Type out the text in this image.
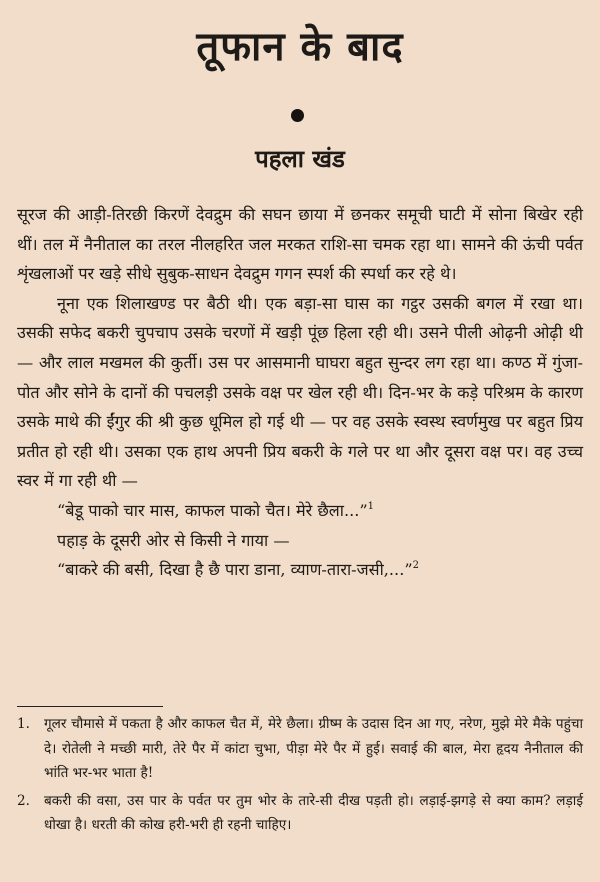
तूफान के बाद
पहला खंड

सूरज की आड़ी-तिरछी किरणें देवद्रुम की सघन छाया में छनकर समूची घाटी में सोना बिखेर रही थीं। तल में नैनीताल का तरल नीलहरित जल मरकत राशि-सा चमक रहा था। सामने की ऊंची पर्वत शृंखलाओं पर खड़े सीधे सुबुक-साधन देवद्रुम गगन स्पर्श की स्पर्धा कर रहे थे।

नूना एक शिलाखण्ड पर बैठी थी। एक बड़ा-सा घास का गट्ठर उसकी बगल में रखा था। उसकी सफेद बकरी चुपचाप उसके चरणों में खड़ी पूंछ हिला रही थी। उसने पीली ओढ़नी ओढ़ी थी — और लाल मखमल की कुर्ती। उस पर आसमानी घाघरा बहुत सुन्दर लग रहा था। कण्ठ में गुंजा-पोत और सोने के दानों की पचलड़ी उसके वक्ष पर खेल रही थी। दिन-भर के कड़े परिश्रम के कारण उसके माथे की ईंगुर की श्री कुछ धूमिल हो गई थी — पर वह उसके स्वस्थ स्वर्णमुख पर बहुत प्रिय प्रतीत हो रही थी। उसका एक हाथ अपनी प्रिय बकरी के गले पर था और दूसरा वक्ष पर। वह उच्च स्वर में गा रही थी —

“बेडू पाको चार मास, काफल पाको चैत। मेरे छैला...”$^1$

पहाड़ के दूसरी ओर से किसी ने गाया —

“बाकरे की बसी, दिखा है छै पारा डाना, व्याण-तारा-जसी,...”$^2$

1.	गूलर चौमासे में पकता है और काफल चैत में, मेरे छैला। ग्रीष्म के उदास दिन आ गए, नरेण, मुझे मेरे मैके पहुंचा दे। रोतेली ने मच्छी मारी, तेरे पैर में कांटा चुभा, पीड़ा मेरे पैर में हुई। सवाई की बाल, मेरा हृदय नैनीताल की भांति भर-भर भाता है!
2.	बकरी की वसा, उस पार के पर्वत पर तुम भोर के तारे-सी दीख पड़ती हो। लड़ाई-झगड़े से क्या काम? लड़ाई धोखा है। धरती की कोख हरी-भरी ही रहनी चाहिए।
